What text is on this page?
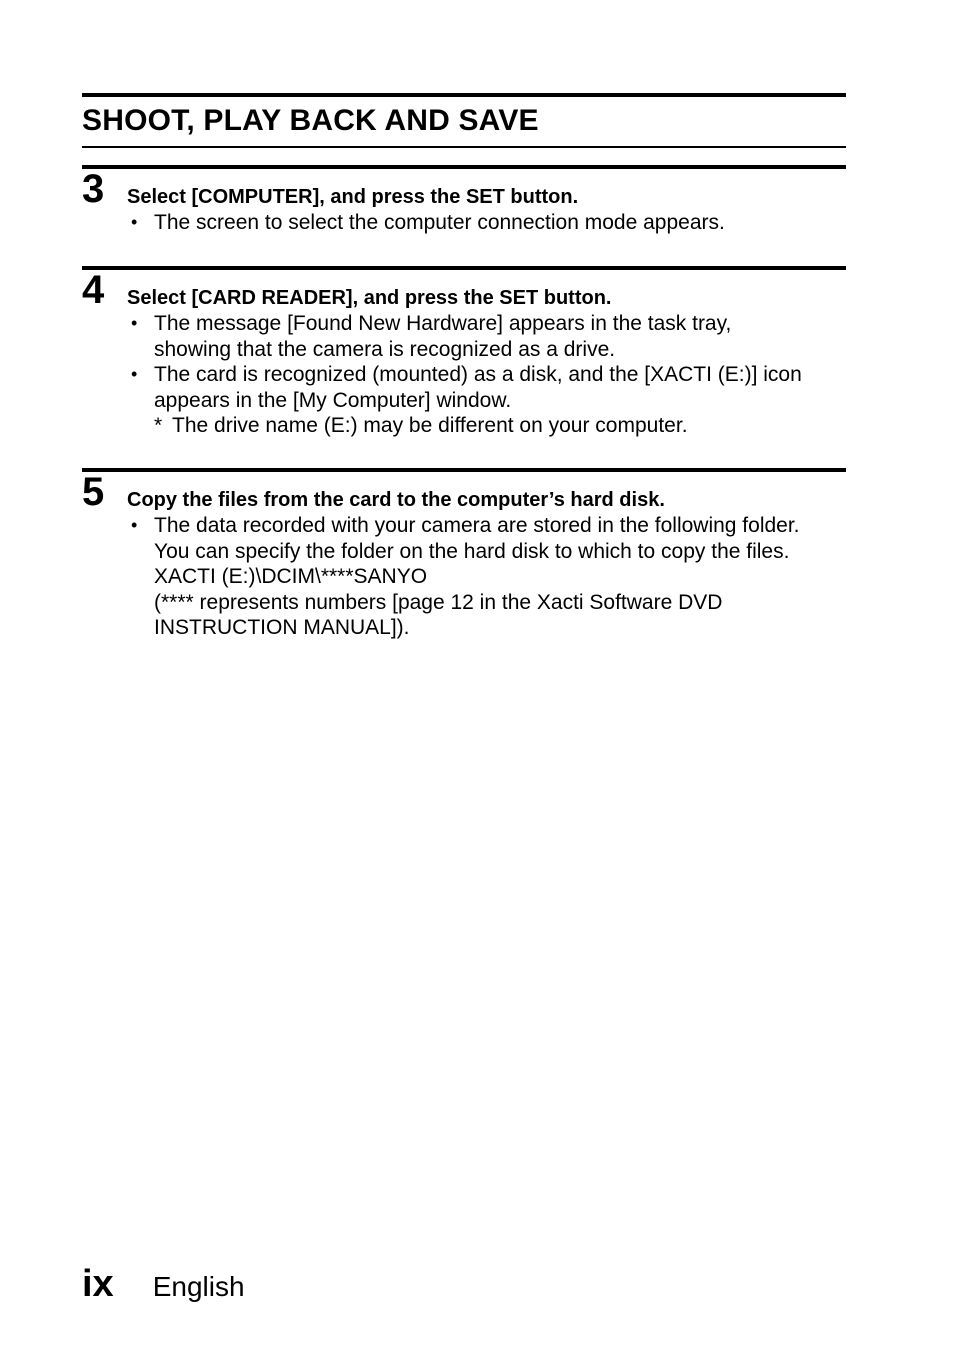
SHOOT, PLAY BACK AND SAVE
3 Select [COMPUTER], and press the SET button.

• The screen to select the computer connection mode appears.
4 Select [CARD READER], and press the SET button.

• The message [Found New Hardware] appears in the task tray,
showing that the camera is recognized as a drive.
• The card is recognized (mounted) as a disk, and the [XACTI (E:)] icon
appears in the [My Computer] window.
* The drive name (E:) may be different on your computer.
5 Copy the files from the card to the computer’s hard disk.

• The data recorded with your camera are stored in the following folder.
You can specify the folder on the hard disk to which to copy the files.
XACTI (E:)\DCIM\****SANYO
(**** represents numbers [page 12 in the Xacti Software DVD
INSTRUCTION MANUAL]).
ix English
